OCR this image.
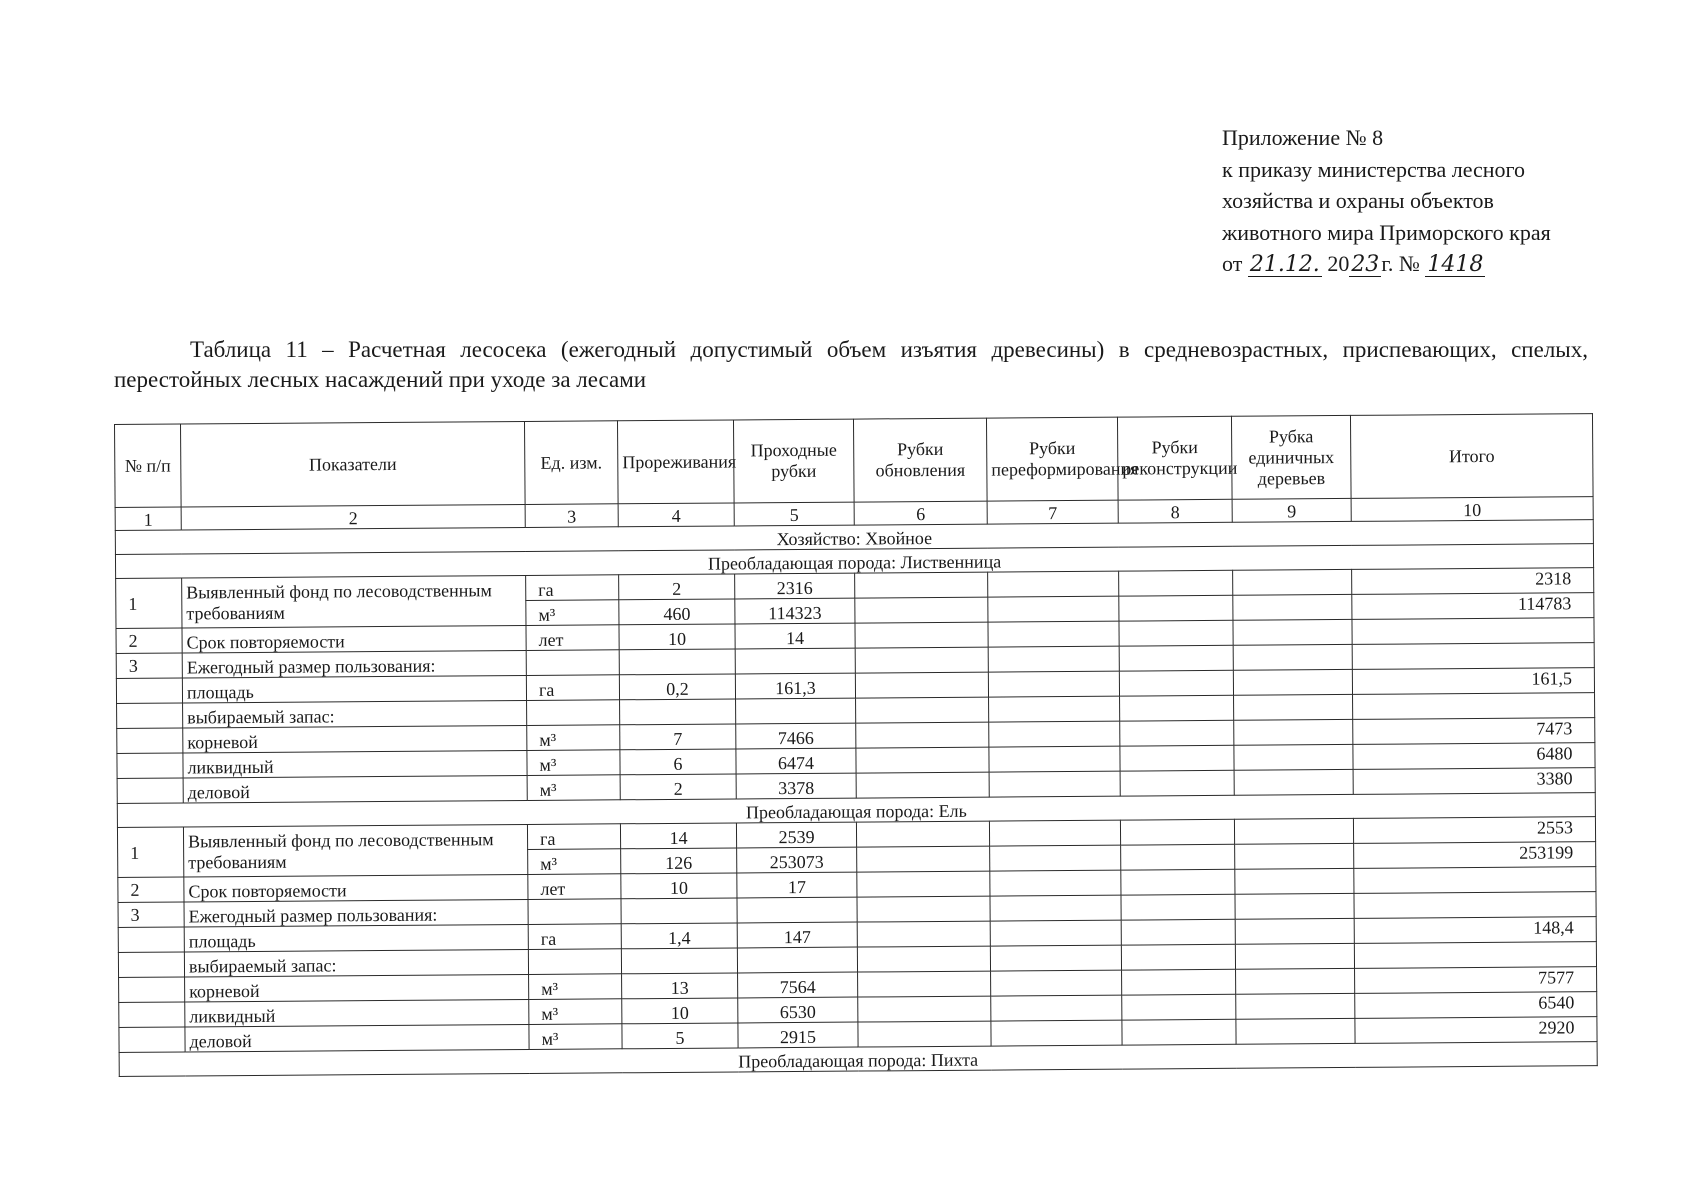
Приложение № 8
к приказу министерства лесного
хозяйства и охраны объектов
животного мира Приморского края
от 21.12. 2023г. № 1418
Таблица 11 – Расчетная лесосека (ежегодный допустимый объем изъятия древесины) в средневозрастных, приспевающих, спелых, перестойных лесных насаждений при уходе за лесами
№ п/п	Показатели	Ед. изм.	Прореживания	Проходные рубки	Рубки обновления	Рубки переформирования	Рубки реконструкции	Рубка единичных деревьев	Итого
1	2	3	4	5	6	7	8	9	10
Хозяйство: Хвойное									
Преобладающая порода: Лиственница									
1	Выявленный фонд по лесоводственным требованиям	га	2	2316					2318
		м³	460	114323					114783
2	Срок повторяемости	лет	10	14					
3	Ежегодный размер пользования:								
	площадь	га	0,2	161,3					161,5
	выбираемый запас:								
	корневой	м³	7	7466					7473
	ликвидный	м³	6	6474					6480
	деловой	м³	2	3378					3380
Преобладающая порода: Ель									
1	Выявленный фонд по лесоводственным требованиям	га	14	2539					2553
		м³	126	253073					253199
2	Срок повторяемости	лет	10	17					
3	Ежегодный размер пользования:								
	площадь	га	1,4	147					148,4
	выбираемый запас:								
	корневой	м³	13	7564					7577
	ликвидный	м³	10	6530					6540
	деловой	м³	5	2915					2920
Преобладающая порода: Пихта									
